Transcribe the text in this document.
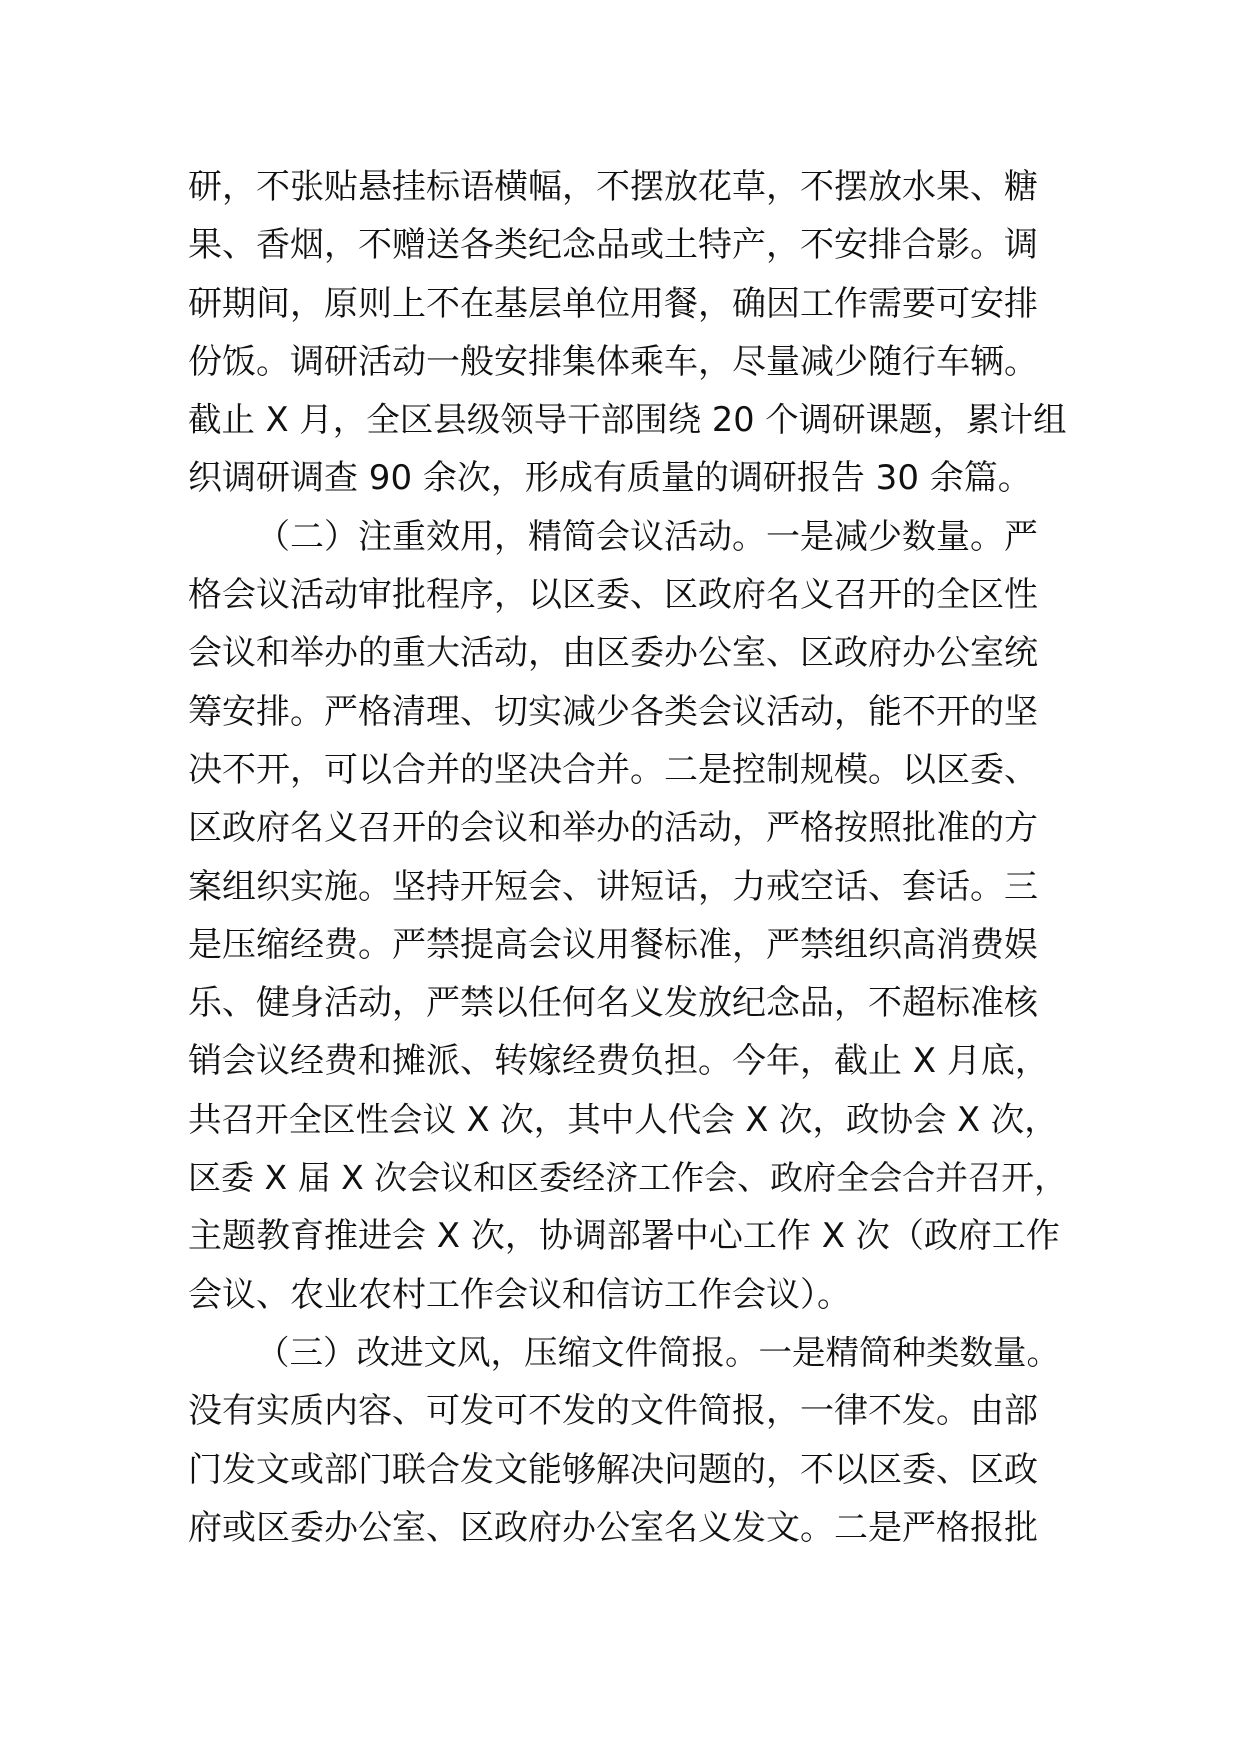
研，不张贴悬挂标语横幅，不摆放花草，不摆放水果、糖
果、香烟，不赠送各类纪念品或土特产，不安排合影。调
研期间，原则上不在基层单位用餐，确因工作需要可安排
份饭。调研活动一般安排集体乘车，尽量减少随行车辆。
截止 X 月，全区县级领导干部围绕 20 个调研课题，累计组
织调研调查 90 余次，形成有质量的调研报告 30 余篇。
（二）注重效用，精简会议活动。一是减少数量。严
格会议活动审批程序，以区委、区政府名义召开的全区性
会议和举办的重大活动，由区委办公室、区政府办公室统
筹安排。严格清理、切实减少各类会议活动，能不开的坚
决不开，可以合并的坚决合并。二是控制规模。以区委、
区政府名义召开的会议和举办的活动，严格按照批准的方
案组织实施。坚持开短会、讲短话，力戒空话、套话。三
是压缩经费。严禁提高会议用餐标准，严禁组织高消费娱
乐、健身活动，严禁以任何名义发放纪念品，不超标准核
销会议经费和摊派、转嫁经费负担。今年，截止 X 月底，
共召开全区性会议 X 次，其中人代会 X 次，政协会 X 次，
区委 X 届 X 次会议和区委经济工作会、政府全会合并召开，
主题教育推进会 X 次，协调部署中心工作 X 次（政府工作
会议、农业农村工作会议和信访工作会议）。
（三）改进文风，压缩文件简报。一是精简种类数量。
没有实质内容、可发可不发的文件简报，一律不发。由部
门发文或部门联合发文能够解决问题的，不以区委、区政
府或区委办公室、区政府办公室名义发文。二是严格报批
